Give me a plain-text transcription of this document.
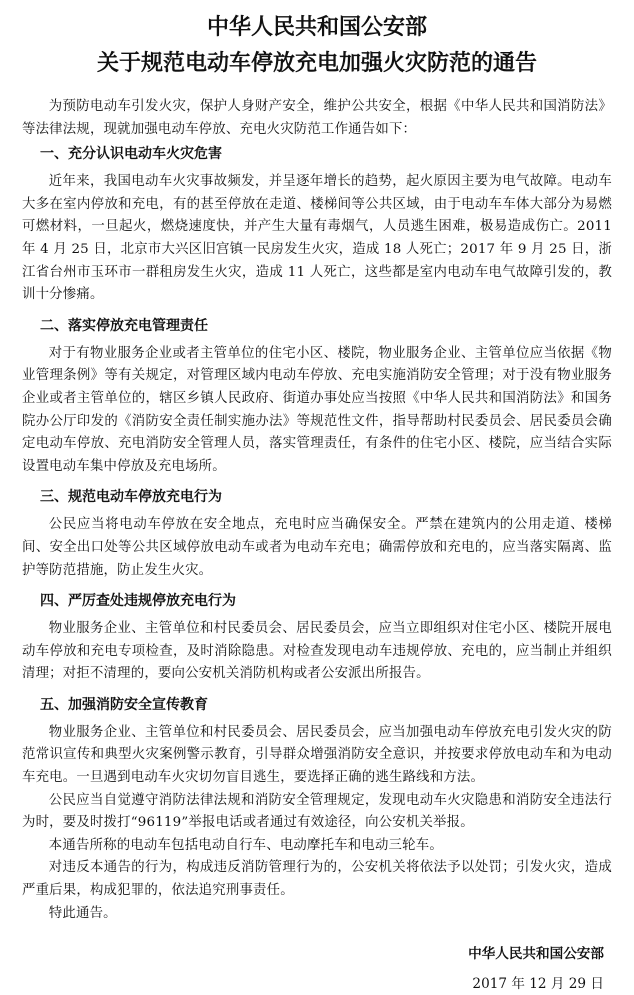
中华人民共和国公安部
关于规范电动车停放充电加强火灾防范的通告

为预防电动车引发火灾，保护人身财产安全，维护公共安全，根据《中华人民共和国消防法》等法律法规，现就加强电动车停放、充电火灾防范工作通告如下：

一、充分认识电动车火灾危害

近年来，我国电动车火灾事故频发，并呈逐年增长的趋势，起火原因主要为电气故障。电动车大多在室内停放和充电，有的甚至停放在走道、楼梯间等公共区域，由于电动车车体大部分为易燃可燃材料，一旦起火，燃烧速度快，并产生大量有毒烟气，人员逃生困难，极易造成伤亡。2011 年 4 月 25 日，北京市大兴区旧宫镇一民房发生火灾，造成 18 人死亡；2017 年 9 月 25 日，浙江省台州市玉环市一群租房发生火灾，造成 11 人死亡，这些都是室内电动车电气故障引发的，教训十分惨痛。

二、落实停放充电管理责任

对于有物业服务企业或者主管单位的住宅小区、楼院，物业服务企业、主管单位应当依据《物业管理条例》等有关规定，对管理区域内电动车停放、充电实施消防安全管理；对于没有物业服务企业或者主管单位的，辖区乡镇人民政府、街道办事处应当按照《中华人民共和国消防法》和国务院办公厅印发的《消防安全责任制实施办法》等规范性文件，指导帮助村民委员会、居民委员会确定电动车停放、充电消防安全管理人员，落实管理责任，有条件的住宅小区、楼院，应当结合实际设置电动车集中停放及充电场所。

三、规范电动车停放充电行为

公民应当将电动车停放在安全地点，充电时应当确保安全。严禁在建筑内的公用走道、楼梯间、安全出口处等公共区域停放电动车或者为电动车充电；确需停放和充电的，应当落实隔离、监护等防范措施，防止发生火灾。

四、严厉查处违规停放充电行为

物业服务企业、主管单位和村民委员会、居民委员会，应当立即组织对住宅小区、楼院开展电动车停放和充电专项检查，及时消除隐患。对检查发现电动车违规停放、充电的，应当制止并组织清理；对拒不清理的，要向公安机关消防机构或者公安派出所报告。

五、加强消防安全宣传教育

物业服务企业、主管单位和村民委员会、居民委员会，应当加强电动车停放充电引发火灾的防范常识宣传和典型火灾案例警示教育，引导群众增强消防安全意识，并按要求停放电动车和为电动车充电。一旦遇到电动车火灾切勿盲目逃生，要选择正确的逃生路线和方法。

公民应当自觉遵守消防法律法规和消防安全管理规定，发现电动车火灾隐患和消防安全违法行为时，要及时拨打“96119”举报电话或者通过有效途径，向公安机关举报。

本通告所称的电动车包括电动自行车、电动摩托车和电动三轮车。

对违反本通告的行为，构成违反消防管理行为的，公安机关将依法予以处罚；引发火灾，造成严重后果，构成犯罪的，依法追究刑事责任。

特此通告。

中华人民共和国公安部
2017 年 12 月 29 日
